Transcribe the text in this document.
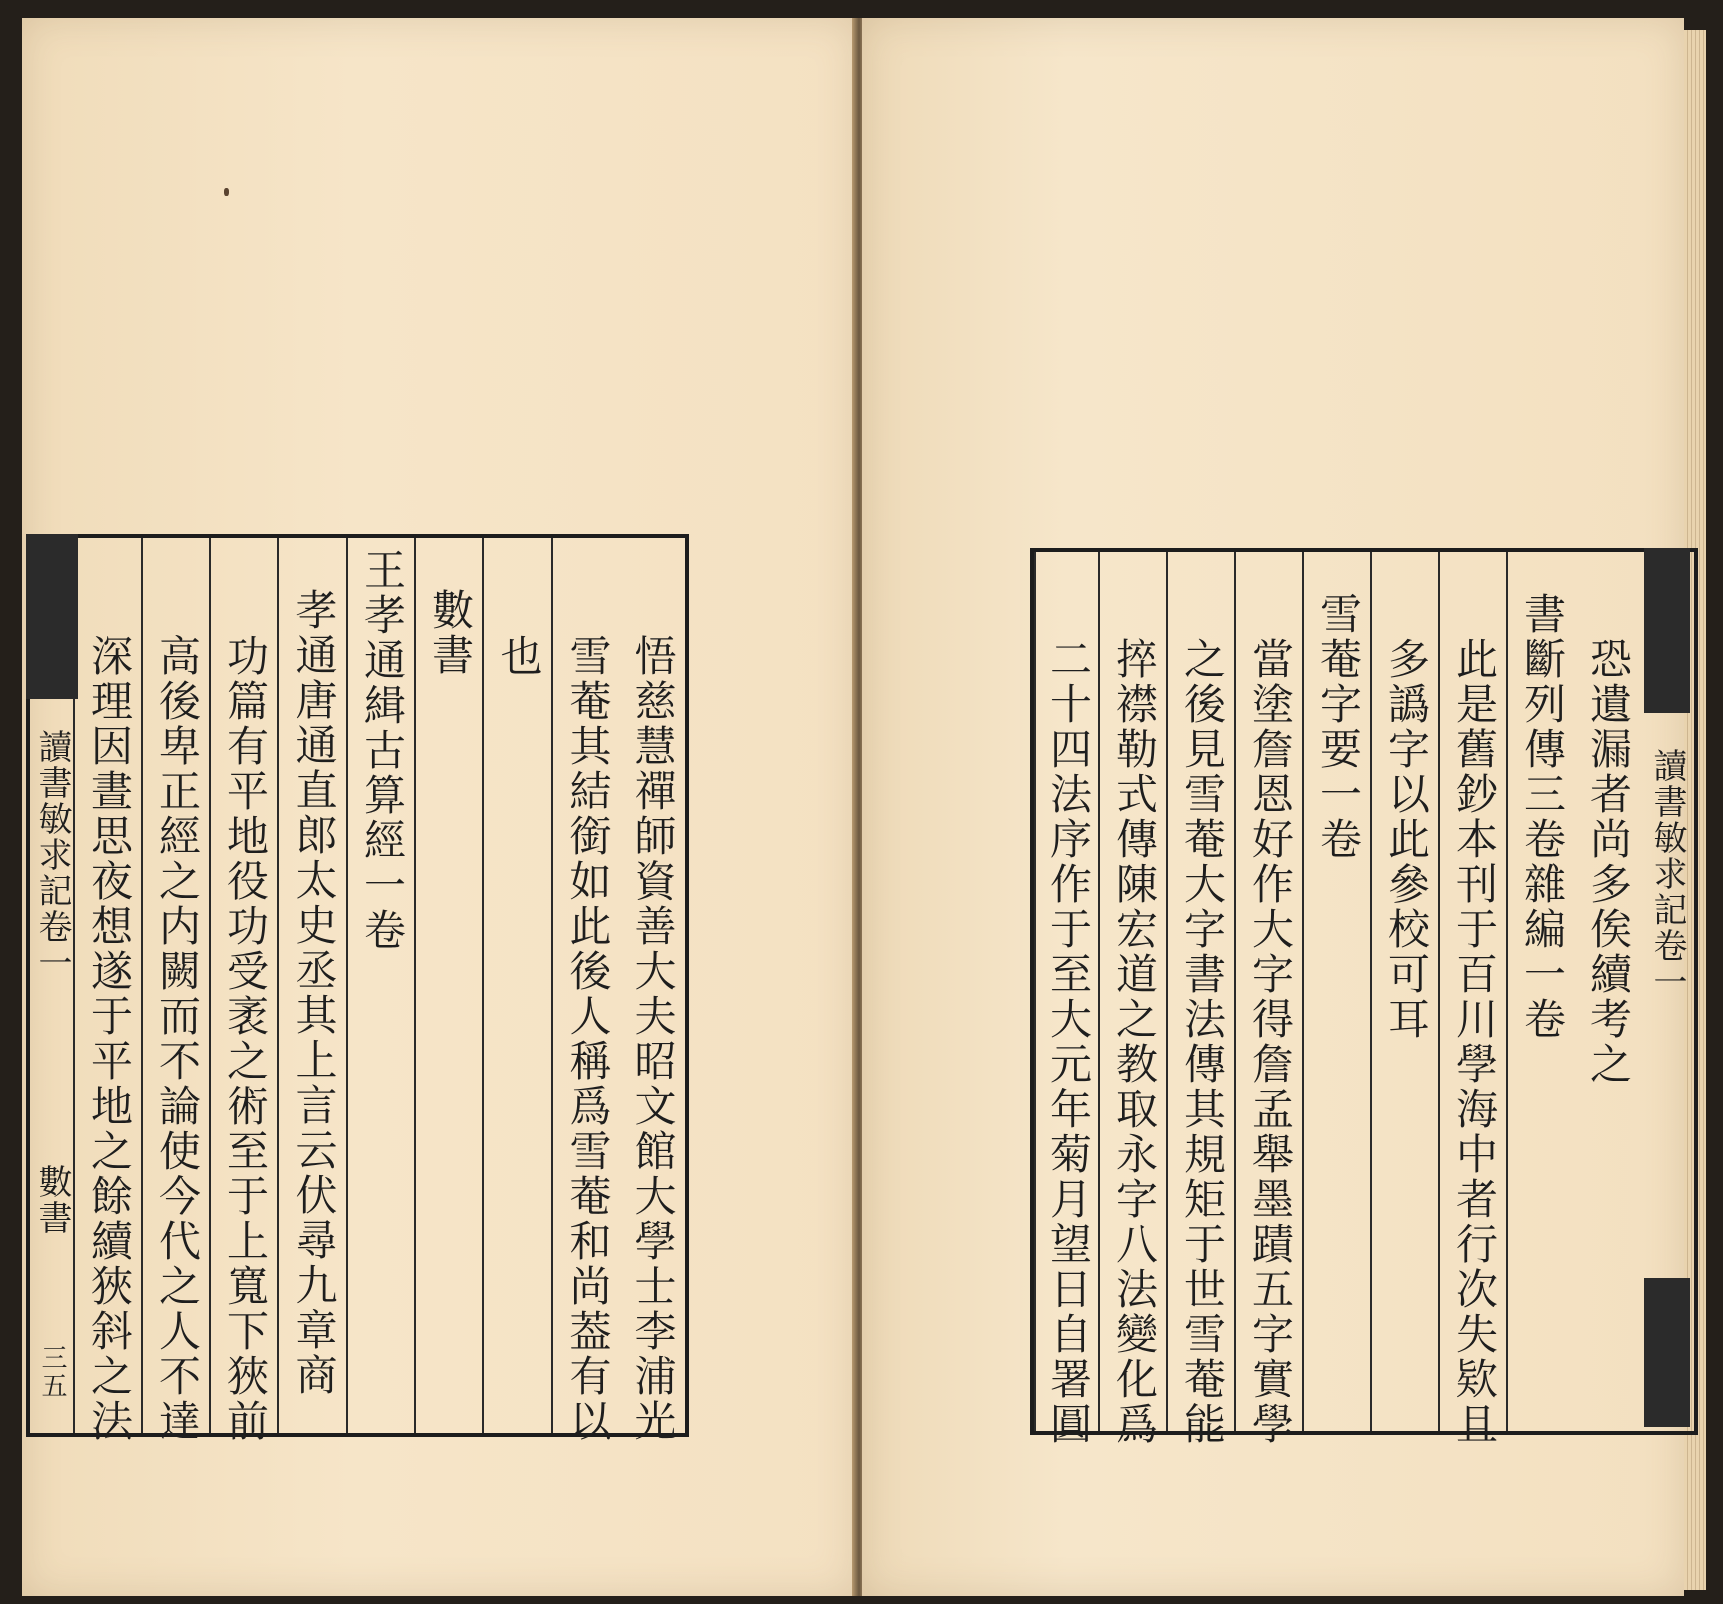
悟慈慧禪師資善大夫昭文館大學士李浦光
雪菴其結銜如此後人稱爲雪菴和尚葢有以
也
數書
王孝通緝古算經一卷
孝通唐通直郎太史丞其上言云伏尋九章商
功篇有平地役功受袤之術至于上寬下狹前
高後卑正經之内闕而不論使今代之人不達
深理因晝思夜想遂于平地之餘續狹斜之法
讀書敏求記
卷一
數書
三五
恐遺漏者尚多俟續考之
書斷列傳三卷雜編一卷
此是舊鈔本刊于百川學海中者行次失欵且
多譌字以此參校可耳
雪菴字要一卷
當塗詹恩好作大字得詹孟舉墨蹟五字實學
之後見雪菴大字書法傳其規矩于世雪菴能
捽襟勒式傳陳宏道之教取永字八法變化爲
二十四法序作于至大元年菊月望日自署圓	讀書敏求記
卷一
